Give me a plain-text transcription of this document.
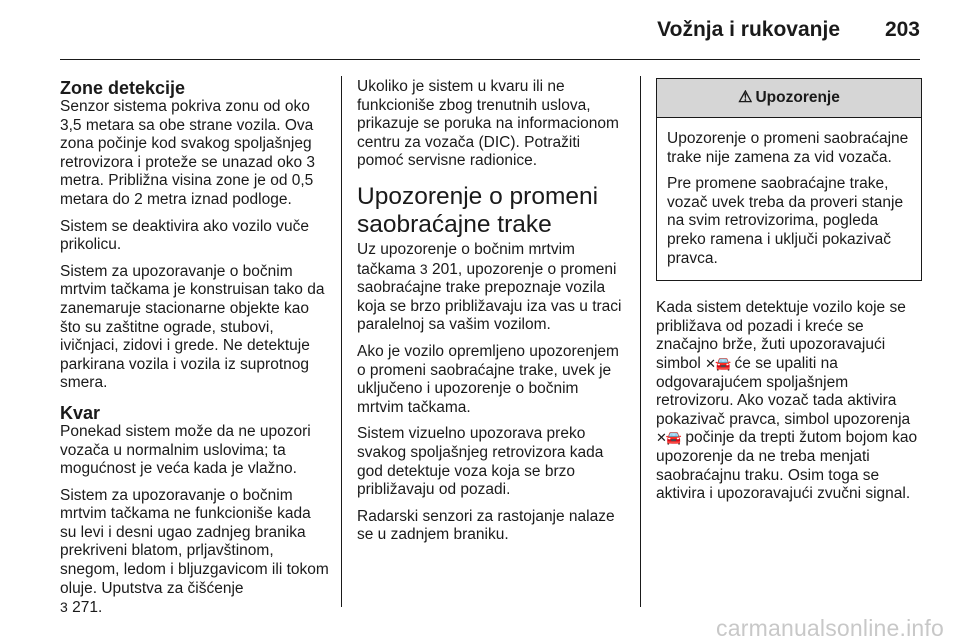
Vožnja i rukovanje 203
Zone detekcije

Senzor sistema pokriva zonu od oko 3,5 metara sa obe strane vozila. Ova zona počinje kod svakog spoljašnjeg retrovizora i proteže se unazad oko 3 metra. Približna visina zone je od 0,5 metara do 2 metra iznad podloge.

Sistem se deaktivira ako vozilo vuče prikolicu.

Sistem za upozoravanje o bočnim mrtvim tačkama je konstruisan tako da zanemaruje stacionarne objekte kao što su zaštitne ograde, stubovi, ivičnjaci, zidovi i grede. Ne detektuje parkirana vozila i vozila iz suprotnog smera.

Kvar

Ponekad sistem može da ne upozori vozača u normalnim uslovima; ta mogućnost je veća kada je vlažno.

Sistem za upozoravanje o bočnim mrtvim tačkama ne funkcioniše kada su levi i desni ugao zadnjeg branika prekriveni blatom, prljavštinom, snegom, ledom i bljuzgavicom ili tokom oluje. Uputstva za čišćenje
3 271.

Ukoliko je sistem u kvaru ili ne funkcioniše zbog trenutnih uslova, prikazuje se poruka na informacionom centru za vozača (DIC). Potražiti pomoć servisne radionice.

Upozorenje o promeni saobraćajne trake

Uz upozorenje o bočnim mrtvim tačkama 3 201, upozorenje o promeni saobraćajne trake prepoznaje vozila koja se brzo približavaju iza vas u traci paralelnoj sa vašim vozilom.

Ako je vozilo opremljeno upozorenjem o promeni saobraćajne trake, uvek je uključeno i upozorenje o bočnim mrtvim tačkama.

Sistem vizuelno upozorava preko svakog spoljašnjeg retrovizora kada god detektuje voza koja se brzo približavaju od pozadi.

Radarski senzori za rastojanje nalaze se u zadnjem braniku.

⚠ Upozorenje

Upozorenje o promeni saobraćajne trake nije zamena za vid vozača.

Pre promene saobraćajne trake, vozač uvek treba da proveri stanje na svim retrovizorima, pogleda preko ramena i uključi pokazivač pravca.

Kada sistem detektuje vozilo koje se približava od pozadi i kreće se značajno brže, žuti upozoravajući simbol ✕🚘 će se upaliti na odgovarajućem spoljašnjem retrovizoru. Ako vozač tada aktivira pokazivač pravca, simbol upozorenja ✕🚘 počinje da trepti žutom bojom kao upozorenje da ne treba menjati saobraćajnu traku. Osim toga se aktivira i upozoravajući zvučni signal.

carmanualsonline.info
